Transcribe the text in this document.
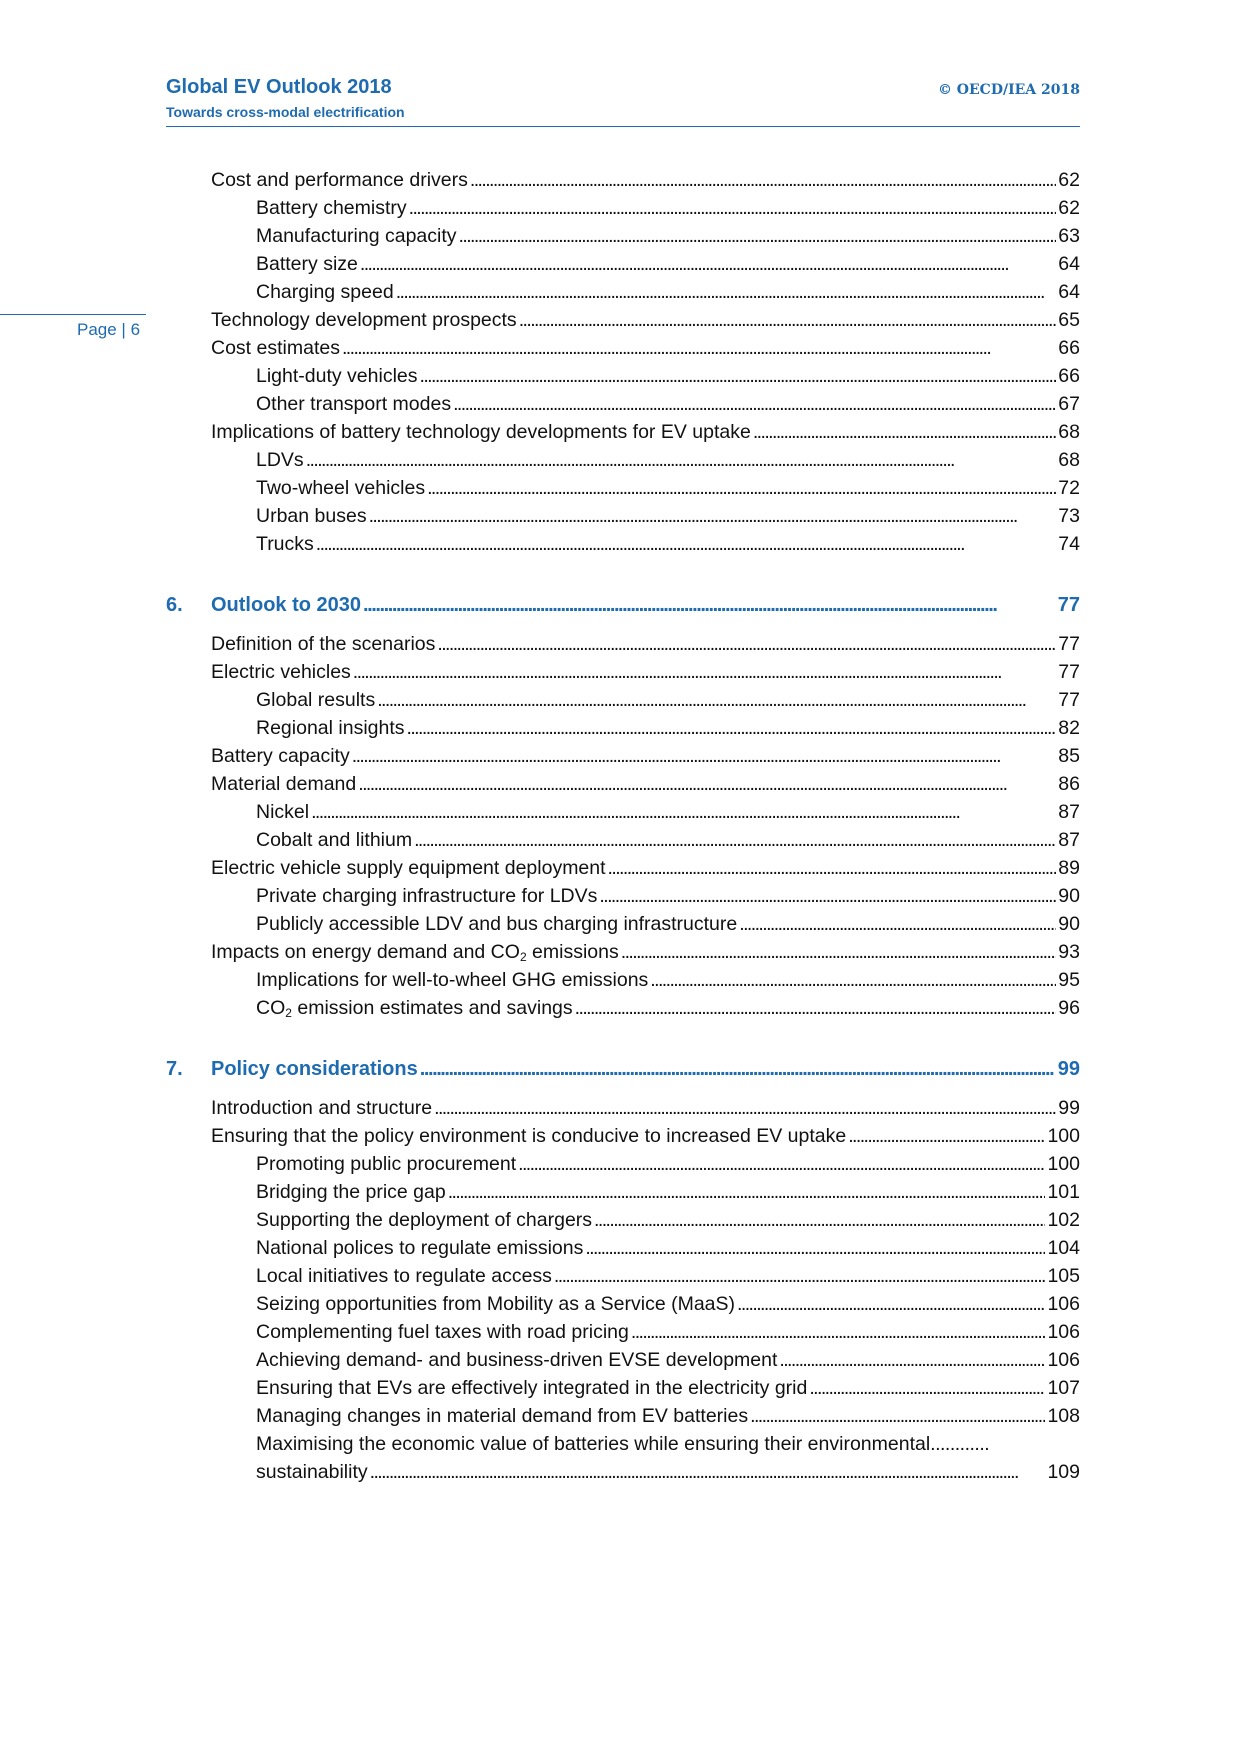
Global EV Outlook 2018
Towards cross-modal electrification
© OECD/IEA 2018
Page | 6
Cost and performance drivers . . .	62
Battery chemistry . . .	62
Manufacturing capacity . . .	63
Battery size . . .	64
Charging speed . . .	64
Technology development prospects . . .	65
Cost estimates . . .	66
Light-duty vehicles . . .	66
Other transport modes . . .	67
Implications of battery technology developments for EV uptake . . .	68
LDVs . . .	68
Two-wheel vehicles . . .	72
Urban buses . . .	73
Trucks . . .	74
6.	Outlook to 2030 . . .	77
Definition of the scenarios . . .	77
Electric vehicles . . .	77
Global results . . .	77
Regional insights . . .	82
Battery capacity . . .	85
Material demand . . .	86
Nickel . . .	87
Cobalt and lithium . . .	87
Electric vehicle supply equipment deployment . . .	89
Private charging infrastructure for LDVs . . .	90
Publicly accessible LDV and bus charging infrastructure . . .	90
Impacts on energy demand and $CO_2$ emissions . . .	93
Implications for well-to-wheel GHG emissions . . .	95
$CO_2$ emission estimates and savings . . .	96
7.	Policy considerations . . .	99
Introduction and structure . . .	99
Ensuring that the policy environment is conducive to increased EV uptake . . .	100
Promoting public procurement . . .	100
Bridging the price gap . . .	101
Supporting the deployment of chargers . . .	102
National polices to regulate emissions . . .	104
Local initiatives to regulate access . . .	105
Seizing opportunities from Mobility as a Service (MaaS) . . .	106
Complementing fuel taxes with road pricing . . .	106
Achieving demand- and business-driven EVSE development . . .	106
Ensuring that EVs are effectively integrated in the electricity grid . . .	107
Managing changes in material demand from EV batteries . . .	108
Maximising the economic value of batteries while ensuring their environmental ............
sustainability . . .	109
